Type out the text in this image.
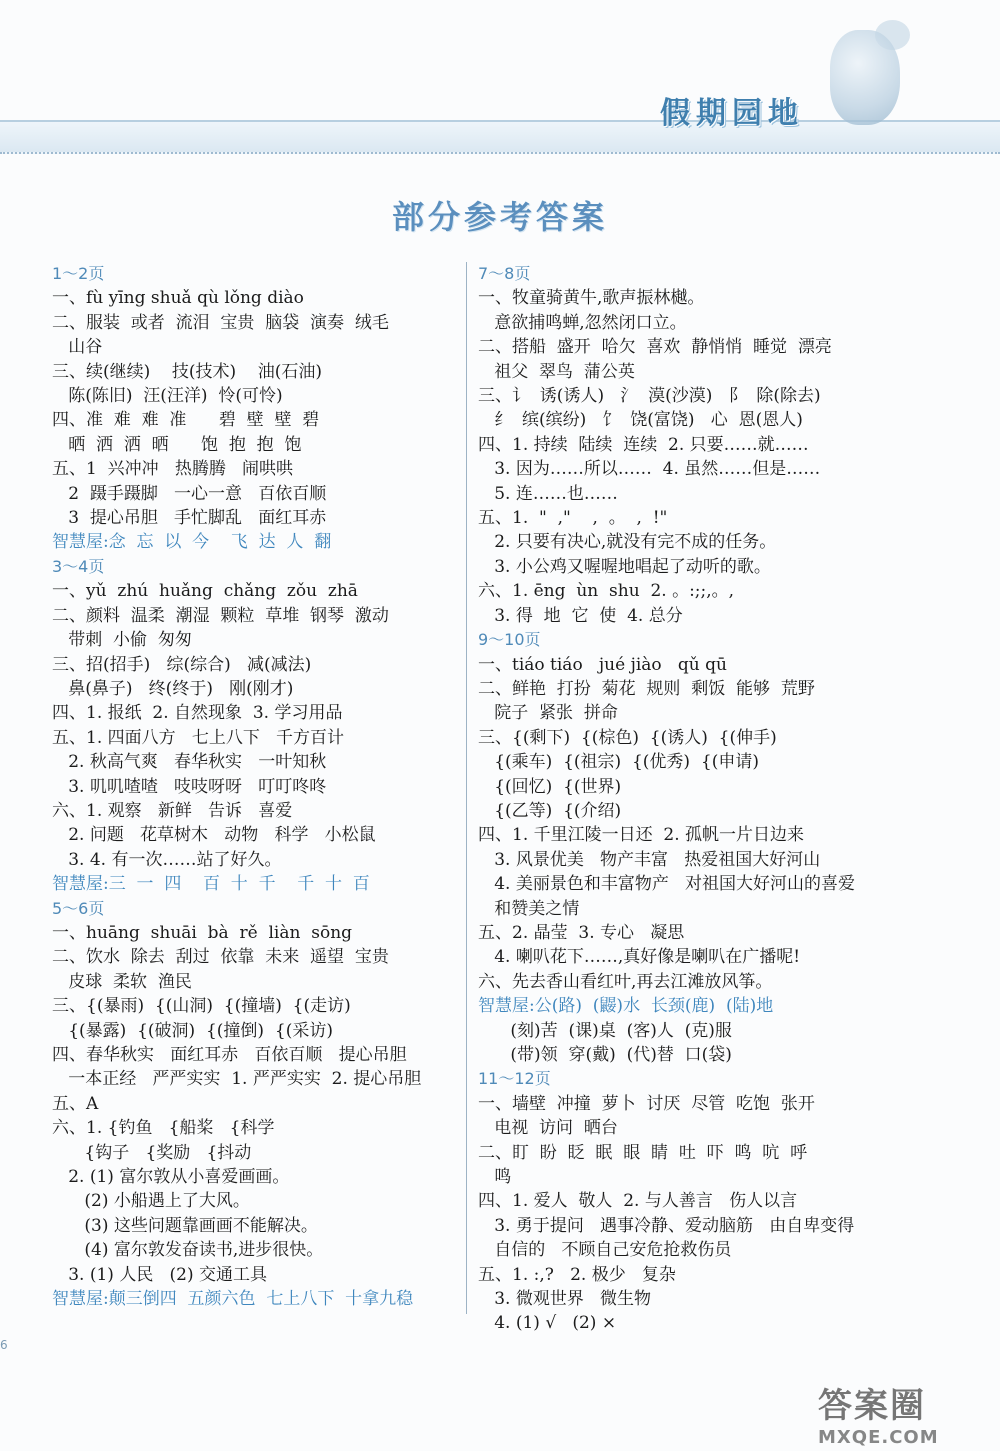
假期园地
部分参考答案
1～2页
一、fù yīng shuǎ qù lǒng diào
二、服装  或者  流泪  宝贵  脑袋  演奏  绒毛
山谷
三、续(继续)    技(技术)    油(石油)
陈(陈旧)  汪(汪洋)  怜(可怜)
四、准  难  难  准      碧  壁  壁  碧
晒  洒  洒  晒      饱  抱  抱  饱
五、1  兴冲冲   热腾腾   闹哄哄
2  蹑手蹑脚   一心一意   百依百顺
3  提心吊胆   手忙脚乱   面红耳赤
智慧屋:念  忘  以  今    飞  达  人  翻
3～4页
一、yǔ  zhú  huǎng  chǎng  zǒu  zhā
二、颜料  温柔  潮湿  颗粒  草堆  钢琴  激动
带刺  小偷  匆匆
三、招(招手)   综(综合)   减(减法)
鼻(鼻子)   终(终于)   刚(刚才)
四、1. 报纸  2. 自然现象  3. 学习用品
五、1. 四面八方   七上八下   千方百计
2. 秋高气爽   春华秋实   一叶知秋
3. 叽叽喳喳   吱吱呀呀   叮叮咚咚
六、1. 观察   新鲜   告诉   喜爱
2. 问题   花草树木   动物   科学   小松鼠
3. 4. 有一次……站了好久。
智慧屋:三  一  四    百  十  千    千  十  百
5～6页
一、huāng  shuāi  bà  rě  liàn  sōng
二、饮水  除去  刮过  依靠  未来  遥望  宝贵
皮球  柔软  渔民
三、{(暴雨)  {(山洞)  {(撞墙)  {(走访)
{(暴露)  {(破洞)  {(撞倒)  {(采访)
四、春华秋实   面红耳赤   百依百顺   提心吊胆
一本正经   严严实实  1. 严严实实  2. 提心吊胆
五、A
六、1. {钓鱼   {船桨   {科学
{钩子   {奖励   {抖动
2. (1) 富尔敦从小喜爱画画。
(2) 小船遇上了大风。
(3) 这些问题靠画画不能解决。
(4) 富尔敦发奋读书,进步很快。
3. (1) 人民   (2) 交通工具
智慧屋:颠三倒四  五颜六色  七上八下  十拿九稳
7～8页
一、牧童骑黄牛,歌声振林樾。
意欲捕鸣蝉,忽然闭口立。
二、搭船  盛开  哈欠  喜欢  静悄悄  睡觉  漂亮
祖父  翠鸟  蒲公英
三、讠  诱(诱人)   氵  漠(沙漠)   阝  除(除去)
纟  缤(缤纷)   饣  饶(富饶)   心  恩(恩人)
四、1. 持续  陆续  连续  2. 只要……就……
3. 因为……所以……  4. 虽然……但是……
5. 连……也……
五、1.  "  ,"    ,  。  ,  !"
2. 只要有决心,就没有完不成的任务。
3. 小公鸡又喔喔地唱起了动听的歌。
六、1. ēng  ùn  shu  2. 。:;;,。,
3. 得  地  它  使  4. 总分
9～10页
一、tiáo tiáo   jué jiào   qǔ qū
二、鲜艳  打扮  菊花  规则  剩饭  能够  荒野
院子  紧张  拼命
三、{(剩下)  {(棕色)  {(诱人)  {(伸手)
{(乘车)  {(祖宗)  {(优秀)  {(申请)
{(回忆)  {(世界)
{(乙等)  {(介绍)
四、1. 千里江陵一日还  2. 孤帆一片日边来
3. 风景优美   物产丰富   热爱祖国大好河山
4. 美丽景色和丰富物产   对祖国大好河山的喜爱
和赞美之情
五、2. 晶莹  3. 专心   凝思
4. 喇叭花下……,真好像是喇叭在广播呢!
六、先去香山看红叶,再去江滩放风筝。
智慧屋:公(路)  (鼹)水  长颈(鹿)  (陆)地
(刻)苦  (课)桌  (客)人  (克)服
(带)领  穿(戴)  (代)替  口(袋)
11～12页
一、墙壁  冲撞  萝卜  讨厌  尽管  吃饱  张开
电视  访问  晒台
二、盯  盼  眨  眠  眼  睛  吐  吓  鸣  吭  呼
鸣
四、1. 爱人  敬人  2. 与人善言   伤人以言
3. 勇于提问   遇事冷静、爱动脑筋   由自卑变得
自信的   不顾自己安危抢救伤员
五、1. :,?   2. 极少   复杂
3. 微观世界   微生物
4. (1) √   (2) ×
6
答案圈
MXQE.COM
